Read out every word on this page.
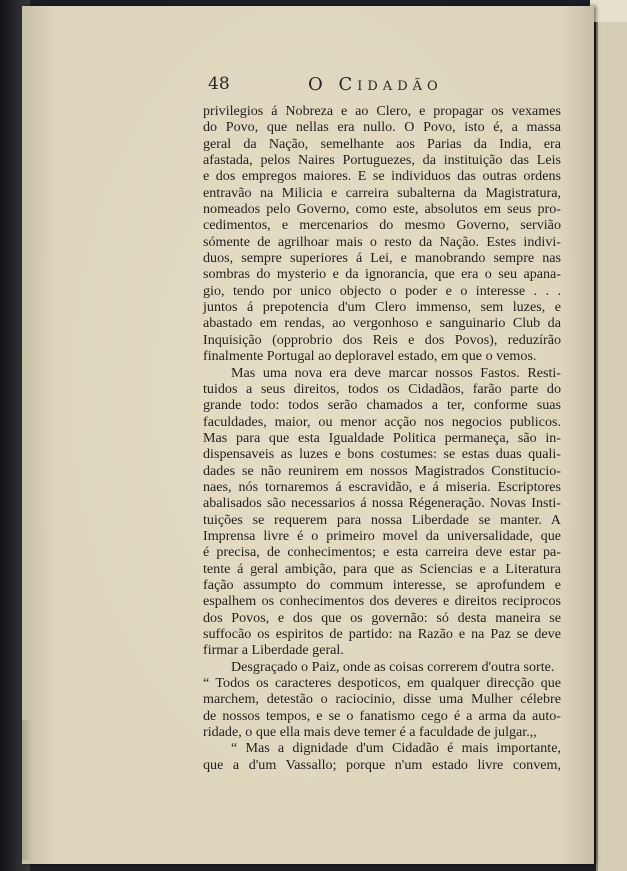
48	O Cidadão
privilegios á Nobreza e ao Clero, e propagar os vexames
do Povo, que nellas era nullo. O Povo, isto é, a massa
geral da Nação, semelhante aos Parias da India, era
afastada, pelos Naires Portuguezes, da instituição das Leis
e dos empregos maiores. E se individuos das outras ordens
entravão na Milicia e carreira subalterna da Magistratura,
nomeados pelo Governo, como este, absolutos em seus pro-
cedimentos, e mercenarios do mesmo Governo, servião
sómente de agrilhoar mais o resto da Nação. Estes indivi-
duos, sempre superiores á Lei, e manobrando sempre nas
sombras do mysterio e da ignorancia, que era o seu apana-
gio, tendo por unico objecto o poder e o interesse . . .
juntos á prepotencia d'um Clero immenso, sem luzes, e
abastado em rendas, ao vergonhoso e sanguinario Club da
Inquisição (opprobrio dos Reis e dos Povos), reduzírão
finalmente Portugal ao deploravel estado, em que o vemos.
Mas uma nova era deve marcar nossos Fastos. Resti-
tuidos a seus direitos, todos os Cidadãos, farão parte do
grande todo: todos serão chamados a ter, conforme suas
faculdades, maior, ou menor acção nos negocios publicos.
Mas para que esta Igualdade Politica permaneça, são in-
dispensaveis as luzes e bons costumes: se estas duas quali-
dades se não reunirem em nossos Magistrados Constitucio-
naes, nós tornaremos á escravidão, e á miseria. Escriptores
abalisados são necessarios á nossa Régeneração. Novas Insti-
tuições se requerem para nossa Liberdade se manter. A
Imprensa livre é o primeiro movel da universalidade, que
é precisa, de conhecimentos; e esta carreira deve estar pa-
tente á geral ambição, para que as Sciencias e a Literatura
fação assumpto do commum interesse, se aprofundem e
espalhem os conhecimentos dos deveres e direitos reciprocos
dos Povos, e dos que os governão: só desta maneira se
suffocão os espiritos de partido: na Razão e na Paz se deve
firmar a Liberdade geral.
Desgraçado o Paiz, onde as coisas correrem d'outra sorte.
“ Todos os caracteres despoticos, em qualquer direcção que
marchem, detestão o raciocinio, disse uma Mulher célebre
de nossos tempos, e se o fanatismo cego é a arma da auto-
ridade, o que ella mais deve temer é a faculdade de julgar.,,
“ Mas a dignidade d'um Cidadão é mais importante,
que a d'um Vassallo; porque n'um estado livre convem,
